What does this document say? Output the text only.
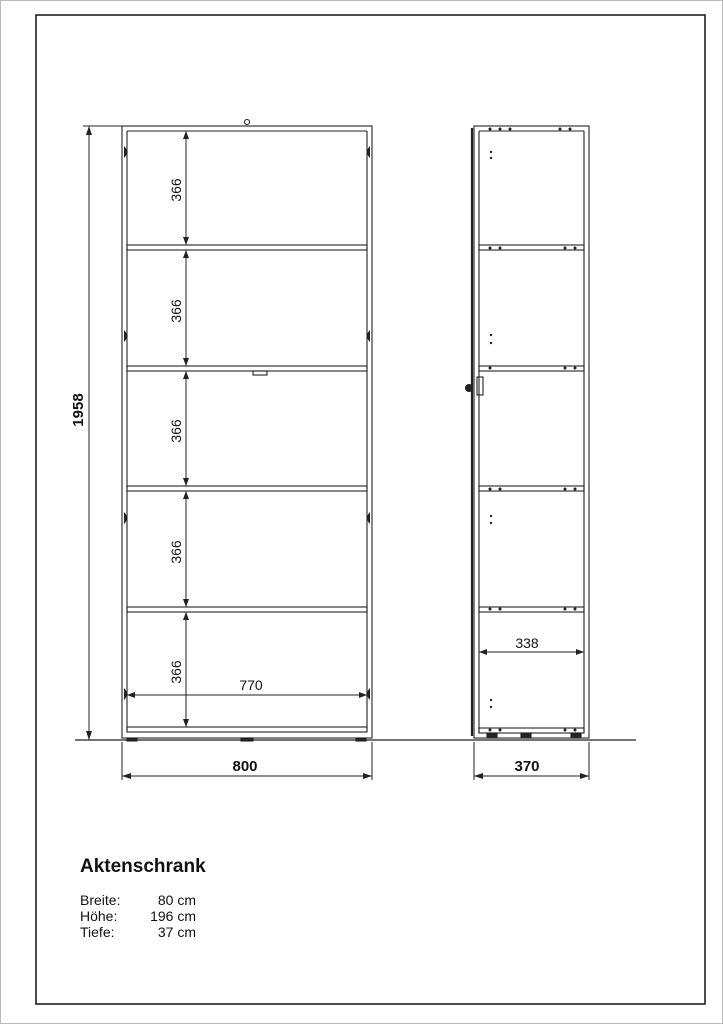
366
366
366
366
366
1958
770
800
338
370
Aktenschrank
Breite:	80 cm
Höhe:	196 cm
Tiefe:	37 cm
